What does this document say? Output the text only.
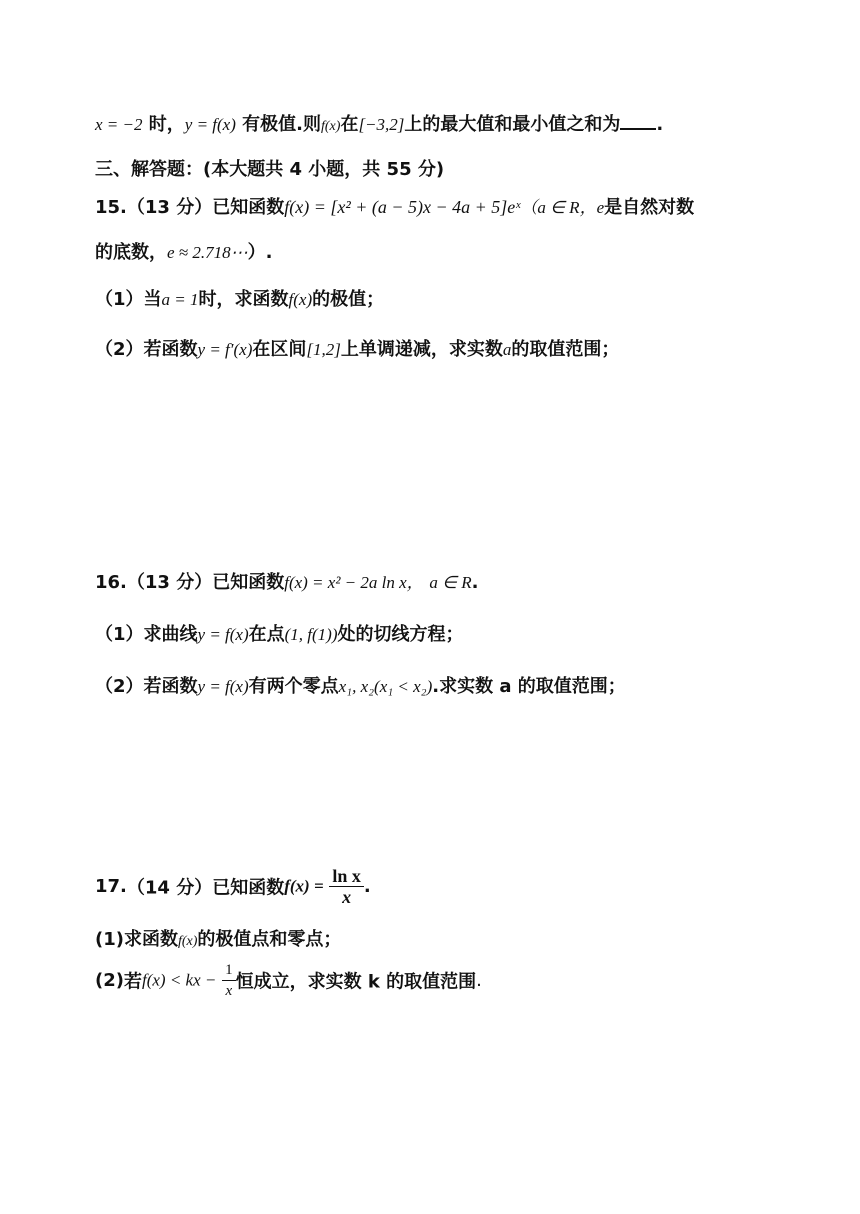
x = −2 时，y = f(x) 有极值.则f(x)在[−3,2]上的最大值和最小值之和为 .
三、解答题：(本大题共 4 小题，共 55 分)
15.（13 分）已知函数f(x) = [x² + (a − 5)x − 4a + 5]eˣ（a ∈ R，e是自然对数
的底数，e ≈ 2.718⋯）.
（1）当a = 1时，求函数f(x)的极值；
（2）若函数y = f′(x)在区间[1,2]上单调递减，求实数a的取值范围；
16.（13 分）已知函数f(x) = x² − 2a ln x， a ∈ R.
（1）求曲线y = f(x)在点(1, f(1))处的切线方程；
（2）若函数y = f(x)有两个零点x₁, x₂(x₁ < x₂).求实数 a 的取值范围；
17.（14 分）已知函数$f(x) = \frac{\text{ln x}}{x}$ .
(1)求函数f(x)的极值点和零点；
(2)若f(x) < kx − $\frac{1}{x}$ 恒成立，求实数 k 的取值范围.
